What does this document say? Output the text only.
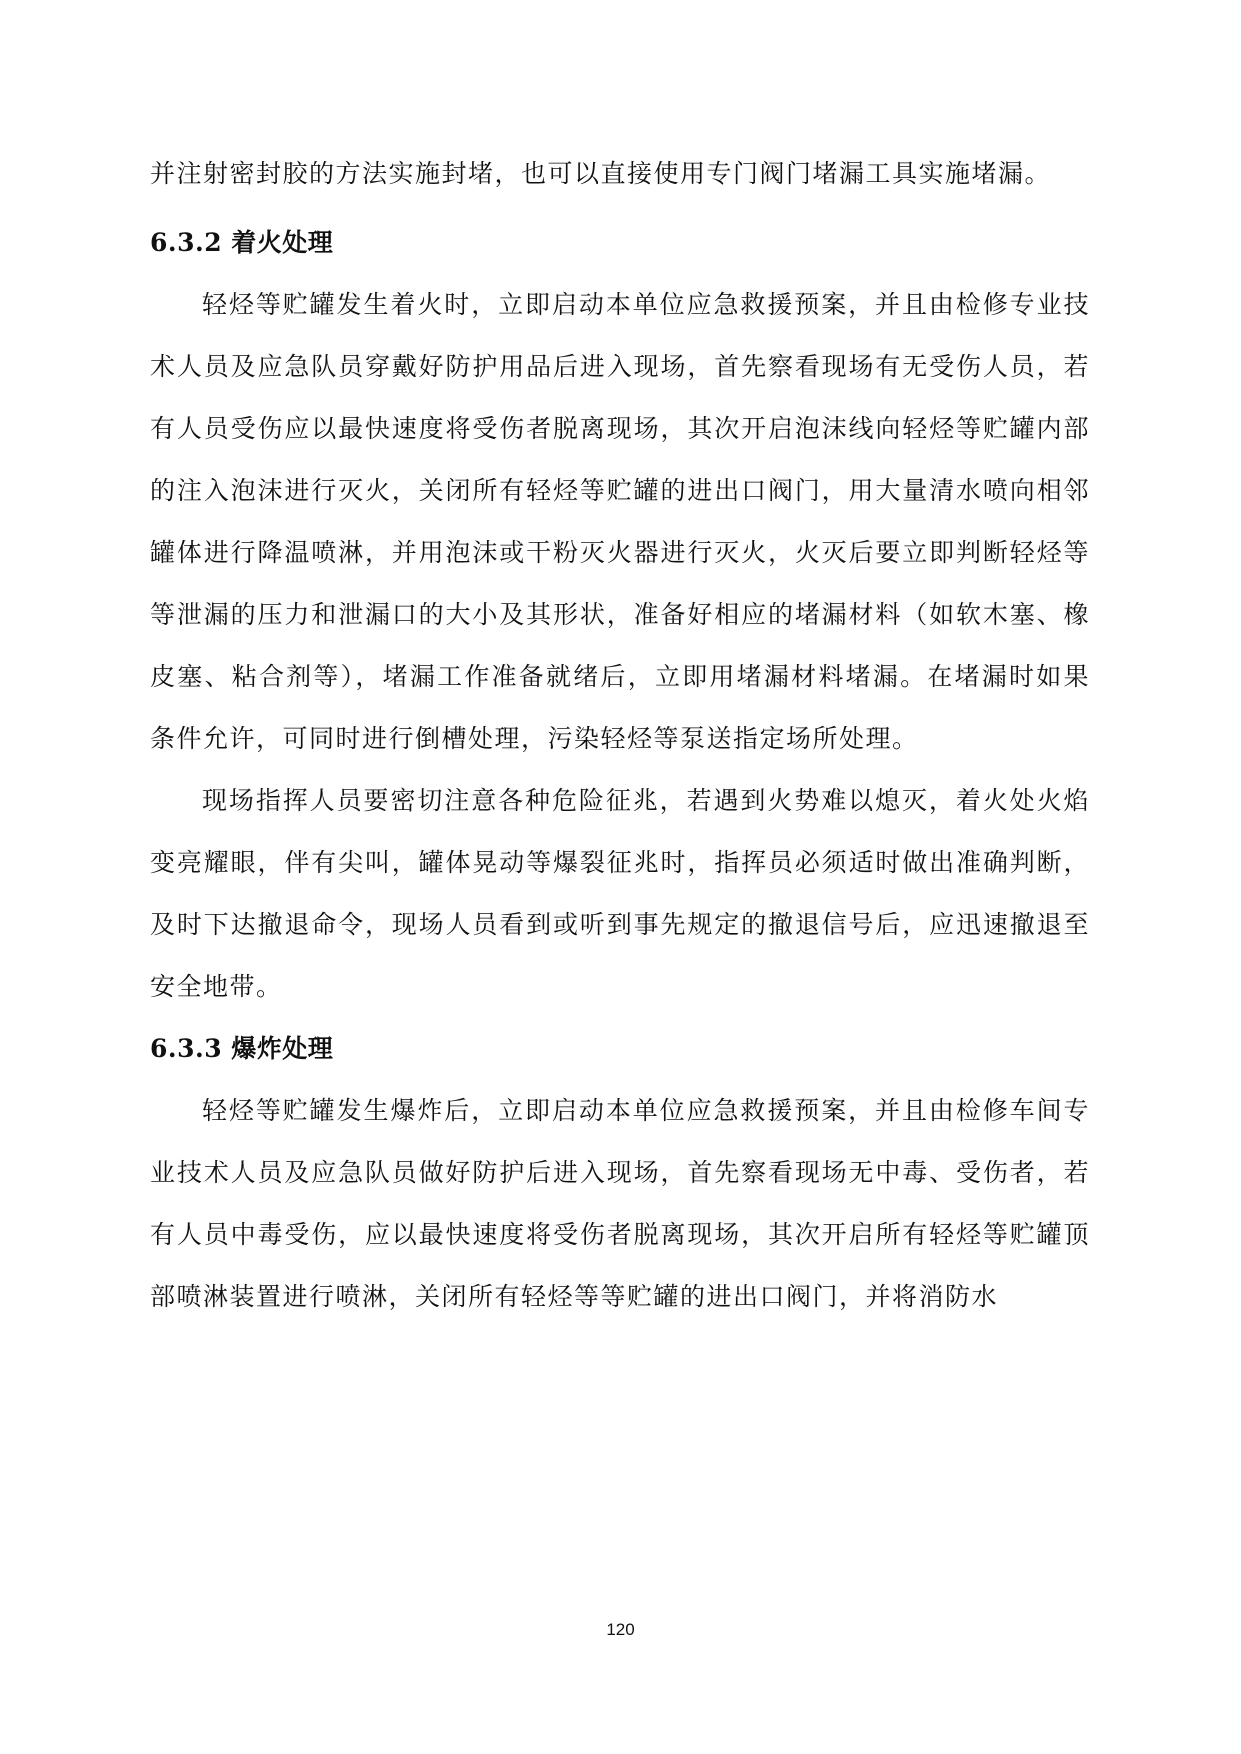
并注射密封胶的方法实施封堵，也可以直接使用专门阀门堵漏工具实施堵漏。
6.3.2 着火处理

轻烃等贮罐发生着火时，立即启动本单位应急救援预案，并且由检修专业技术人员及应急队员穿戴好防护用品后进入现场，首先察看现场有无受伤人员，若有人员受伤应以最快速度将受伤者脱离现场，其次开启泡沫线向轻烃等贮罐内部的注入泡沫进行灭火，关闭所有轻烃等贮罐的进出口阀门，用大量清水喷向相邻罐体进行降温喷淋，并用泡沫或干粉灭火器进行灭火，火灭后要立即判断轻烃等等泄漏的压力和泄漏口的大小及其形状，准备好相应的堵漏材料（如软木塞、橡皮塞、粘合剂等），堵漏工作准备就绪后，立即用堵漏材料堵漏。在堵漏时如果条件允许，可同时进行倒槽处理，污染轻烃等泵送指定场所处理。

现场指挥人员要密切注意各种危险征兆，若遇到火势难以熄灭，着火处火焰变亮耀眼，伴有尖叫，罐体晃动等爆裂征兆时，指挥员必须适时做出准确判断，及时下达撤退命令，现场人员看到或听到事先规定的撤退信号后，应迅速撤退至安全地带。

6.3.3 爆炸处理

轻烃等贮罐发生爆炸后，立即启动本单位应急救援预案，并且由检修车间专业技术人员及应急队员做好防护后进入现场，首先察看现场无中毒、受伤者，若有人员中毒受伤，应以最快速度将受伤者脱离现场，其次开启所有轻烃等贮罐顶部喷淋装置进行喷淋，关闭所有轻烃等等贮罐的进出口阀门，并将消防水

120
